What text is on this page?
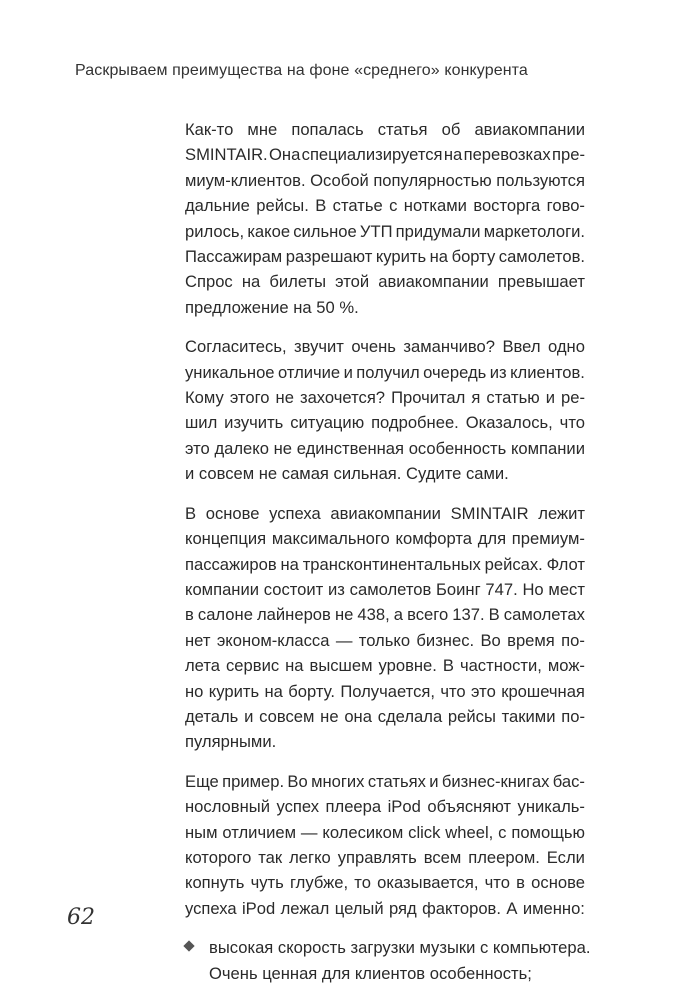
Раскрываем преимущества на фоне «среднего» конкурента
Как-то мне попалась статья об авиакомпании
SMINTAIR. Она специализируется на перевозках пре-
миум-клиентов. Особой популярностью пользуются
дальние рейсы. В статье с нотками восторга гово-
рилось, какое сильное УТП придумали маркетологи.
Пассажирам разрешают курить на борту самолетов.
Спрос на билеты этой авиакомпании превышает
предложение на 50 %.
Согласитесь, звучит очень заманчиво? Ввел одно
уникальное отличие и получил очередь из клиентов.
Кому этого не захочется? Прочитал я статью и ре-
шил изучить ситуацию подробнее. Оказалось, что
это далеко не единственная особенность компании
и совсем не самая сильная. Судите сами.
В основе успеха авиакомпании SMINTAIR лежит
концепция максимального комфорта для премиум-
пассажиров на трансконтинентальных рейсах. Флот
компании состоит из самолетов Боинг 747. Но мест
в салоне лайнеров не 438, а всего 137. В самолетах
нет эконом-класса — только бизнес. Во время по-
лета сервис на высшем уровне. В частности, мож-
но курить на борту. Получается, что это крошечная
деталь и совсем не она сделала рейсы такими по-
пулярными.
Еще пример. Во многих статьях и бизнес-книгах бас-
нословный успех плеера iPod объясняют уникаль-
ным отличием — колесиком click wheel, с помощью
которого так легко управлять всем плеером. Если
копнуть чуть глубже, то оказывается, что в основе
успеха iPod лежал целый ряд факторов. А именно:
высокая скорость загрузки музыки с компьютера.
Очень ценная для клиентов особенность;
62
